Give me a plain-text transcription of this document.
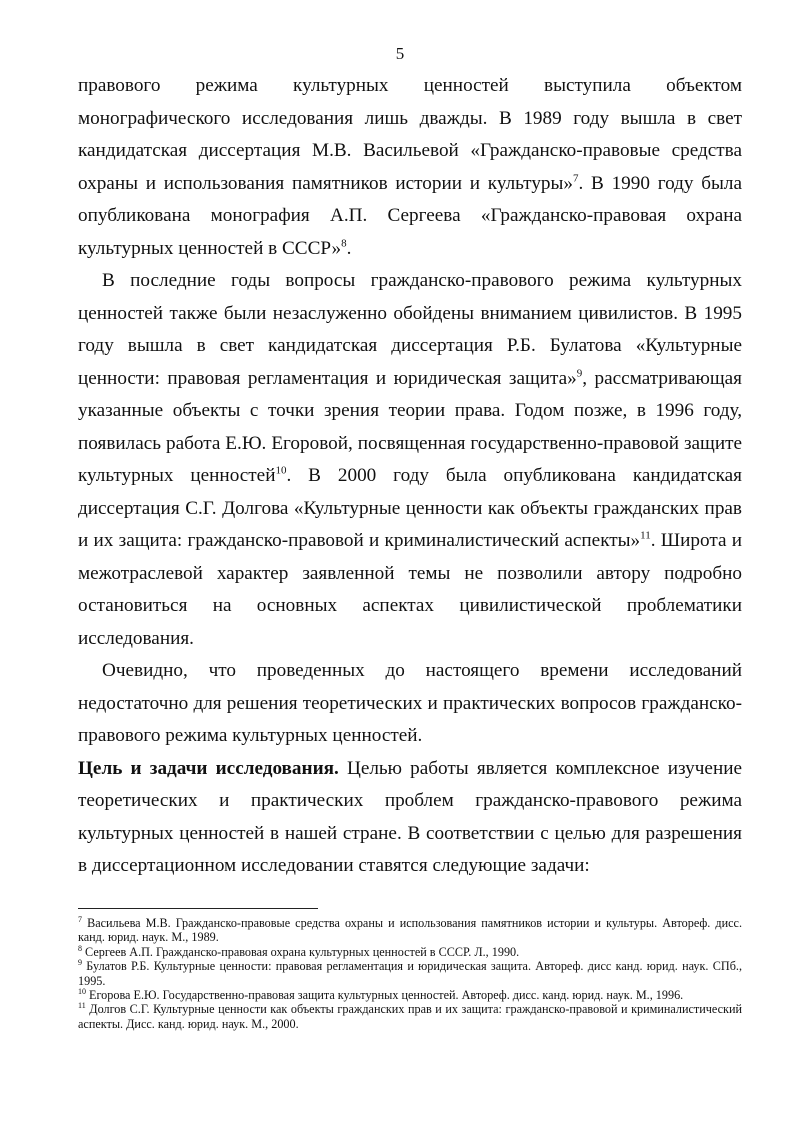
5

правового режима культурных ценностей выступила объектом монографического исследования лишь дважды. В 1989 году вышла в свет кандидатская диссертация М.В. Васильевой «Гражданско-правовые средства охраны и использования памятников истории и культуры»$^7$. В 1990 году была опубликована монография А.П. Сергеева «Гражданско-правовая охрана культурных ценностей в СССР»$^8$.

В последние годы вопросы гражданско-правового режима культурных ценностей также были незаслуженно обойдены вниманием цивилистов. В 1995 году вышла в свет кандидатская диссертация Р.Б. Булатова «Культурные ценности: правовая регламентация и юридическая защита»$^9$, рассматривающая указанные объекты с точки зрения теории права. Годом позже, в 1996 году, появилась работа Е.Ю. Егоровой, посвященная государственно-правовой защите культурных ценностей$^{10}$. В 2000 году была опубликована кандидатская диссертация С.Г. Долгова «Культурные ценности как объекты гражданских прав и их защита: гражданско-правовой и криминалистический аспекты»$^{11}$. Широта и межотраслевой характер заявленной темы не позволили автору подробно остановиться на основных аспектах цивилистической проблематики исследования.

Очевидно, что проведенных до настоящего времени исследований недостаточно для решения теоретических и практических вопросов гражданско-правового режима культурных ценностей.

Цель и задачи исследования. Целью работы является комплексное изучение теоретических и практических проблем гражданско-правового режима культурных ценностей в нашей стране. В соответствии с целью для разрешения в диссертационном исследовании ставятся следующие задачи:

$^7$ Васильева М.В. Гражданско-правовые средства охраны и использования памятников истории и культуры. Автореф. дисс. канд. юрид. наук. М., 1989.

$^8$ Сергеев А.П. Гражданско-правовая охрана культурных ценностей в СССР. Л., 1990.

$^9$ Булатов Р.Б. Культурные ценности: правовая регламентация и юридическая защита. Автореф. дисс канд. юрид. наук. СПб., 1995.

$^{10}$ Егорова Е.Ю. Государственно-правовая защита культурных ценностей. Автореф. дисс. канд. юрид. наук. М., 1996.

$^{11}$ Долгов С.Г. Культурные ценности как объекты гражданских прав и их защита: гражданско-правовой и криминалистический аспекты. Дисс. канд. юрид. наук. М., 2000.
